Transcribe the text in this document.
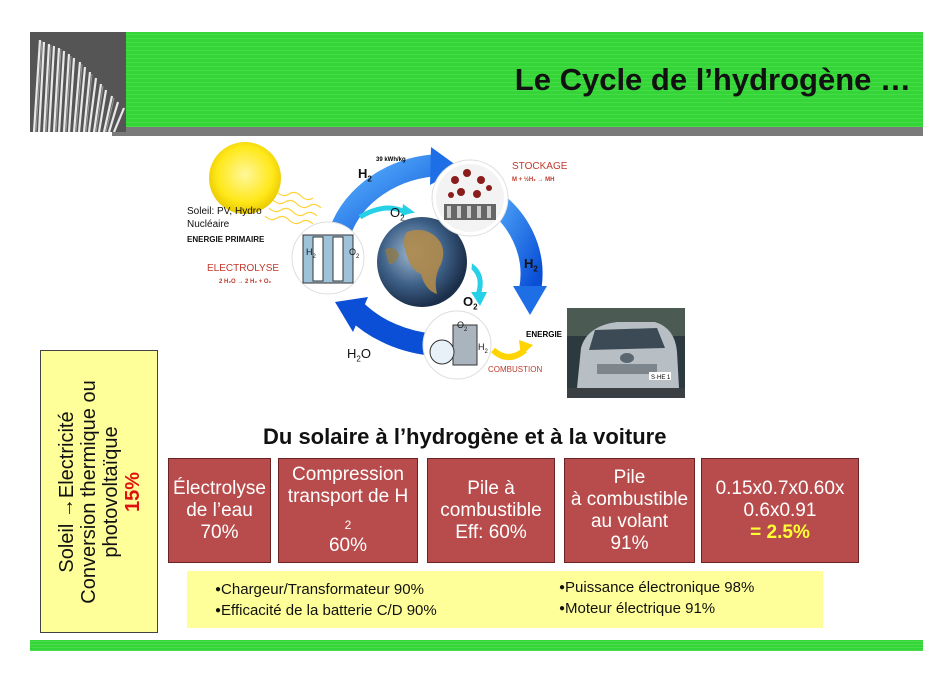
Le Cycle de l’hydrogène …
39 kWh/kg
$H_2$
$O_2$
STOCKAGE
M + ½H₂ → MH
$H_2$
$O_2$
ENERGIE
COMBUSTION
$H_2O$
Soleil: PV, Hydro
Nucléaire
ENERGIE PRIMAIRE
ELECTROLYSE
2 H₂O → 2 H₂ + O₂
$H_2$	$O_2$
$O_2$
$H_2$
S·HE 1
Soleil →Electricité Conversion thermique ou photovoltaïque 15%
Du solaire à l’hydrogène et à la voiture
Électrolyse
de l’eau
70%
Compression
transport de H
$_2$
60%
Pile à
combustible
Eff: 60%
Pile
à combustible
au volant
91%
0.15x0.7x0.60x
0.6x0.91
= 2.5%
● Chargeur/Transformateur 90%
● Efficacité de la batterie C/D 90%
● Puissance électronique 98%
● Moteur électrique 91%
